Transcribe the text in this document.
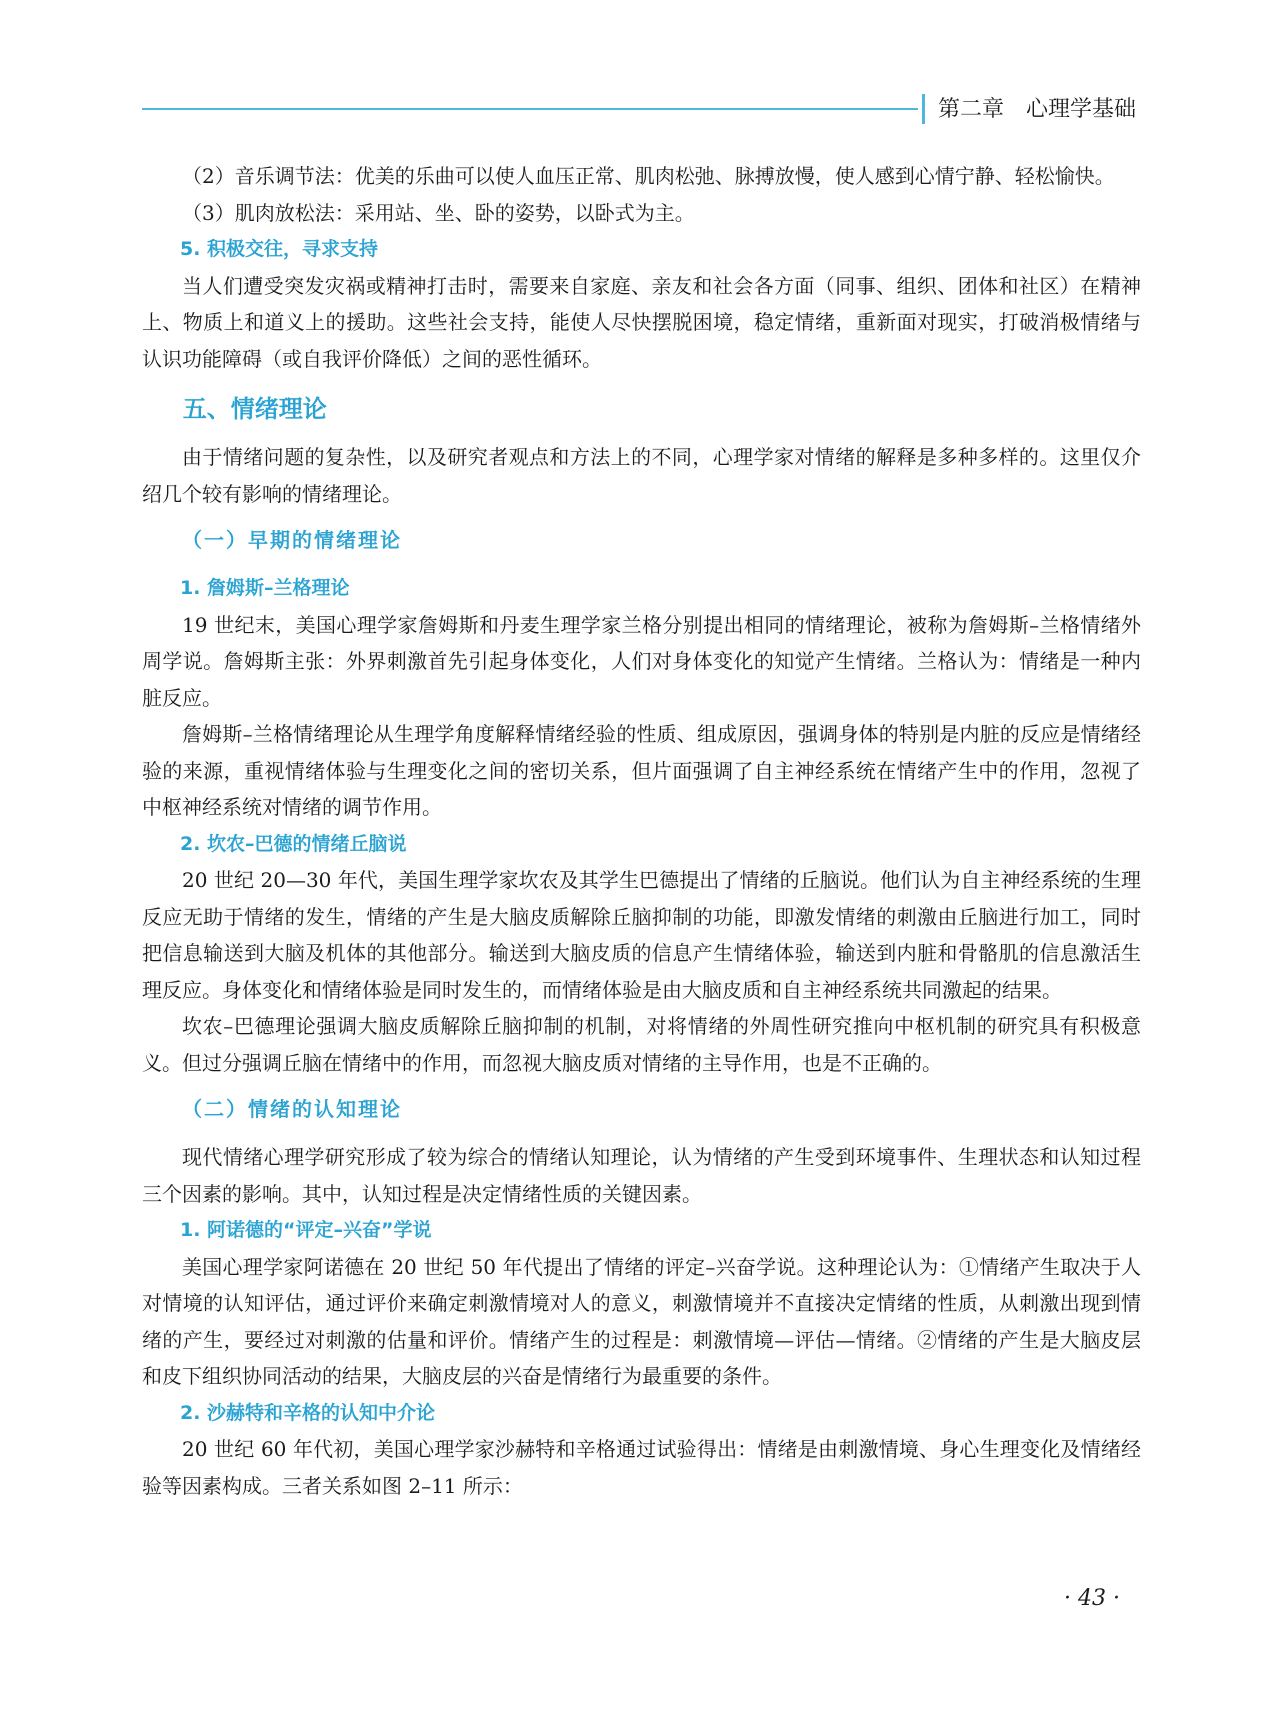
第二章　心理学基础

（2）音乐调节法：优美的乐曲可以使人血压正常、肌肉松弛、脉搏放慢，使人感到心情宁静、轻松愉快。

（3）肌肉放松法：采用站、坐、卧的姿势，以卧式为主。

5. 积极交往，寻求支持

当人们遭受突发灾祸或精神打击时，需要来自家庭、亲友和社会各方面（同事、组织、团体和社区）在精神上、物质上和道义上的援助。这些社会支持，能使人尽快摆脱困境，稳定情绪，重新面对现实，打破消极情绪与认识功能障碍（或自我评价降低）之间的恶性循环。

五、情绪理论

由于情绪问题的复杂性，以及研究者观点和方法上的不同，心理学家对情绪的解释是多种多样的。这里仅介绍几个较有影响的情绪理论。

（一）早期的情绪理论

1. 詹姆斯–兰格理论

19 世纪末，美国心理学家詹姆斯和丹麦生理学家兰格分别提出相同的情绪理论，被称为詹姆斯–兰格情绪外周学说。詹姆斯主张：外界刺激首先引起身体变化，人们对身体变化的知觉产生情绪。兰格认为：情绪是一种内脏反应。

詹姆斯–兰格情绪理论从生理学角度解释情绪经验的性质、组成原因，强调身体的特别是内脏的反应是情绪经验的来源，重视情绪体验与生理变化之间的密切关系，但片面强调了自主神经系统在情绪产生中的作用，忽视了中枢神经系统对情绪的调节作用。

2. 坎农–巴德的情绪丘脑说

20 世纪 20—30 年代，美国生理学家坎农及其学生巴德提出了情绪的丘脑说。他们认为自主神经系统的生理反应无助于情绪的发生，情绪的产生是大脑皮质解除丘脑抑制的功能，即激发情绪的刺激由丘脑进行加工，同时把信息输送到大脑及机体的其他部分。输送到大脑皮质的信息产生情绪体验，输送到内脏和骨骼肌的信息激活生理反应。身体变化和情绪体验是同时发生的，而情绪体验是由大脑皮质和自主神经系统共同激起的结果。

坎农–巴德理论强调大脑皮质解除丘脑抑制的机制，对将情绪的外周性研究推向中枢机制的研究具有积极意义。但过分强调丘脑在情绪中的作用，而忽视大脑皮质对情绪的主导作用，也是不正确的。

（二）情绪的认知理论

现代情绪心理学研究形成了较为综合的情绪认知理论，认为情绪的产生受到环境事件、生理状态和认知过程三个因素的影响。其中，认知过程是决定情绪性质的关键因素。

1. 阿诺德的“评定–兴奋”学说

美国心理学家阿诺德在 20 世纪 50 年代提出了情绪的评定–兴奋学说。这种理论认为：①情绪产生取决于人对情境的认知评估，通过评价来确定刺激情境对人的意义，刺激情境并不直接决定情绪的性质，从刺激出现到情绪的产生，要经过对刺激的估量和评价。情绪产生的过程是：刺激情境—评估—情绪。②情绪的产生是大脑皮层和皮下组织协同活动的结果，大脑皮层的兴奋是情绪行为最重要的条件。

2. 沙赫特和辛格的认知中介论

20 世纪 60 年代初，美国心理学家沙赫特和辛格通过试验得出：情绪是由刺激情境、身心生理变化及情绪经验等因素构成。三者关系如图 2–11 所示：

· 43 ·
